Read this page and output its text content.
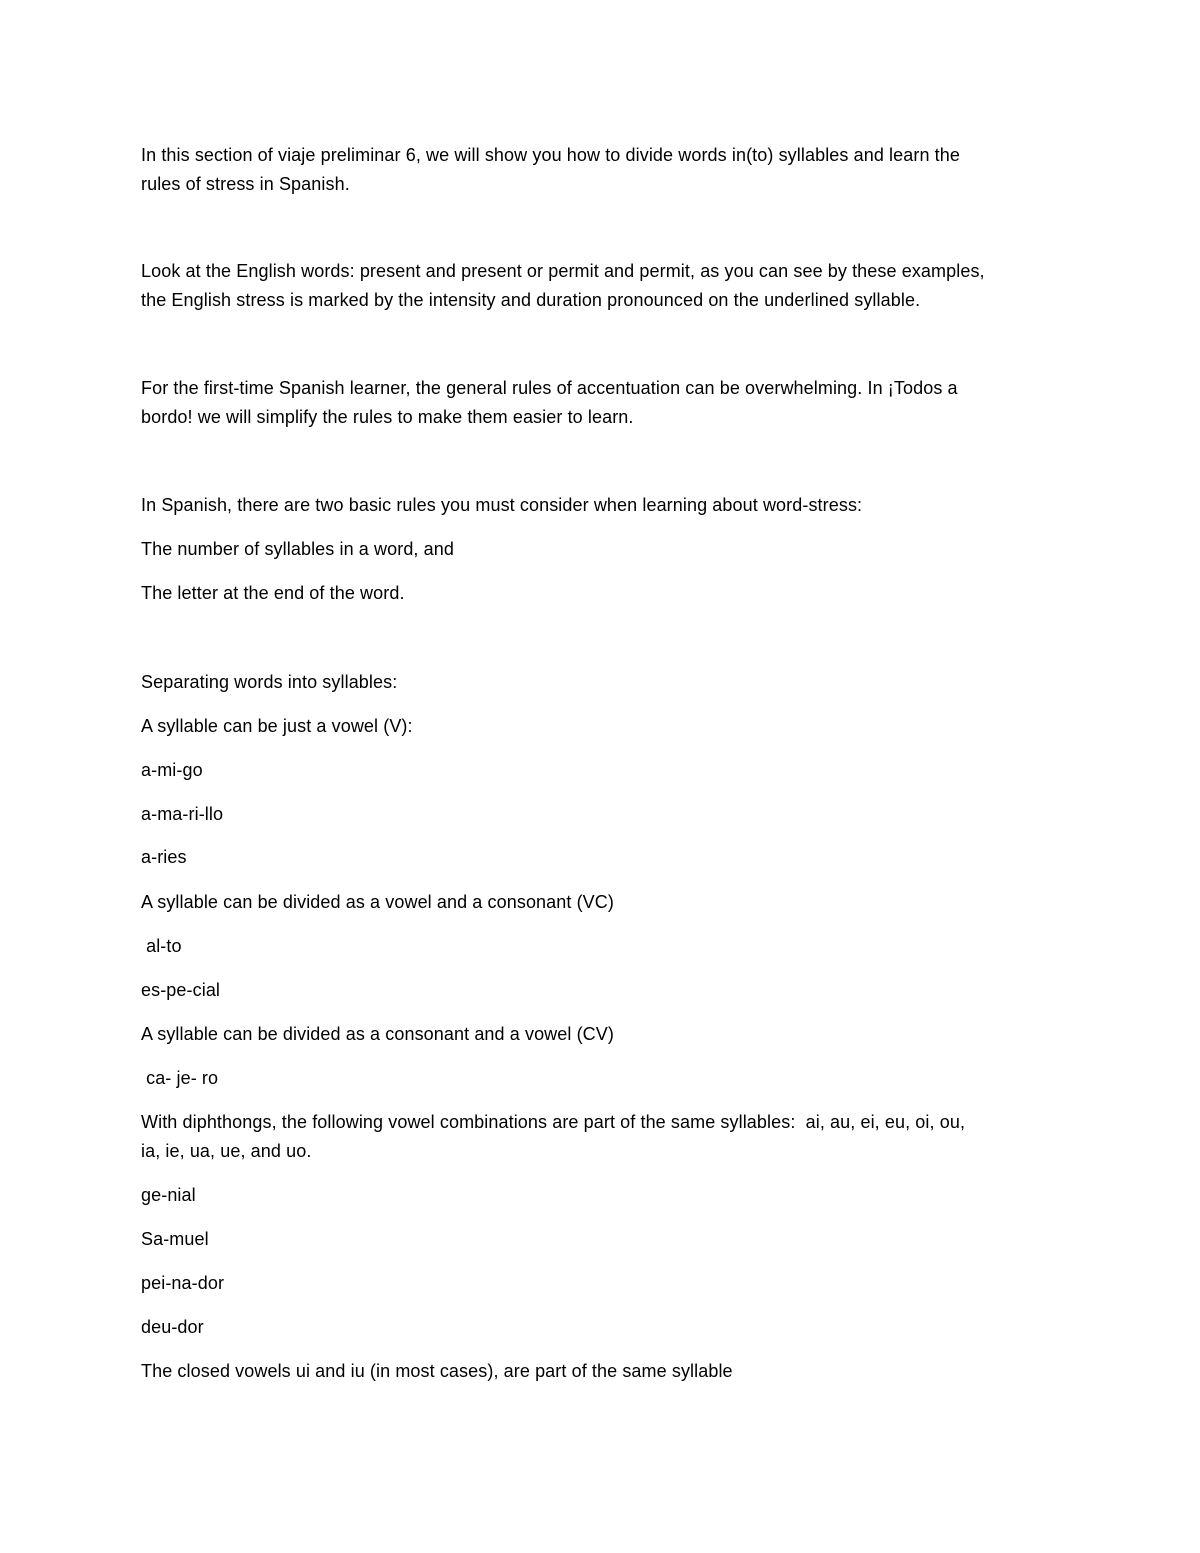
In this section of viaje preliminar 6, we will show you how to divide words in(to) syllables and learn the
rules of stress in Spanish.
Look at the English words: present and present or permit and permit, as you can see by these examples,
the English stress is marked by the intensity and duration pronounced on the underlined syllable.
For the first-time Spanish learner, the general rules of accentuation can be overwhelming. In ¡Todos a
bordo! we will simplify the rules to make them easier to learn.
In Spanish, there are two basic rules you must consider when learning about word-stress:
The number of syllables in a word, and
The letter at the end of the word.
Separating words into syllables:
A syllable can be just a vowel (V):
a-mi-go
a-ma-ri-llo
a-ries
A syllable can be divided as a vowel and a consonant (VC)
al-to
es-pe-cial
A syllable can be divided as a consonant and a vowel (CV)
ca- je- ro
With diphthongs, the following vowel combinations are part of the same syllables:  ai, au, ei, eu, oi, ou,
ia, ie, ua, ue, and uo.
ge-nial
Sa-muel
pei-na-dor
deu-dor
The closed vowels ui and iu (in most cases), are part of the same syllable
